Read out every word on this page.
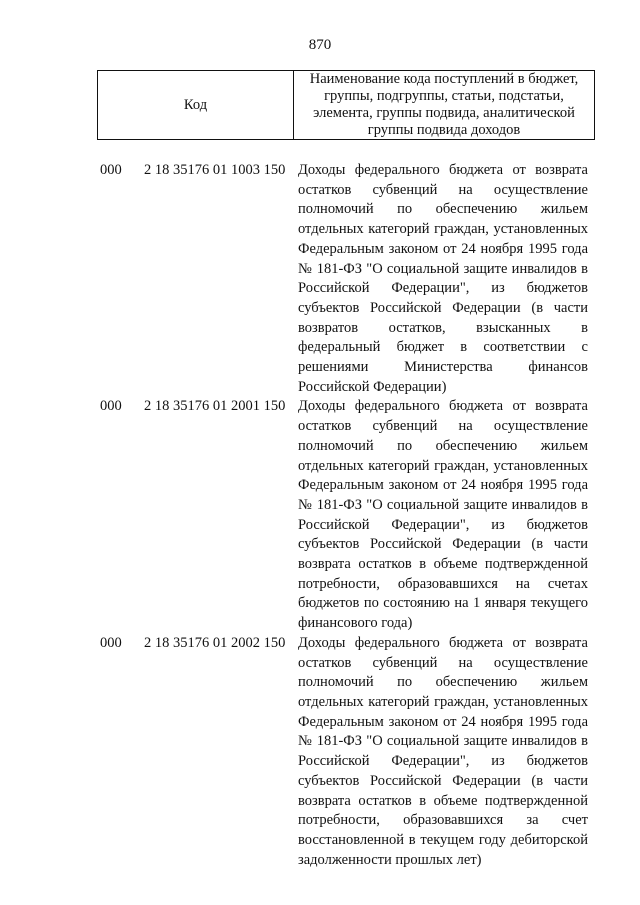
870
Код
Наименование кода поступлений в бюджет, группы, подгруппы, статьи, подстатьи, элемента, группы подвида, аналитической группы подвида доходов
000	2 18 35176 01 1003 150 Доходы федерального бюджета от возврата остатков субвенций на осуществление полномочий по обеспечению жильем отдельных категорий граждан, установленных Федеральным законом от 24 ноября 1995 года № 181-ФЗ "О социальной защите инвалидов в Российской Федерации", из бюджетов субъектов Российской Федерации (в части возвратов остатков, взысканных в федеральный бюджет в соответствии с решениями Министерства финансов Российской Федерации)
000	2 18 35176 01 2001 150 Доходы федерального бюджета от возврата остатков субвенций на осуществление полномочий по обеспечению жильем отдельных категорий граждан, установленных Федеральным законом от 24 ноября 1995 года № 181-ФЗ "О социальной защите инвалидов в Российской Федерации", из бюджетов субъектов Российской Федерации (в части возврата остатков в объеме подтвержденной потребности, образовавшихся на счетах бюджетов по состоянию на 1 января текущего финансового года)
000	2 18 35176 01 2002 150 Доходы федерального бюджета от возврата остатков субвенций на осуществление полномочий по обеспечению жильем отдельных категорий граждан, установленных Федеральным законом от 24 ноября 1995 года № 181-ФЗ "О социальной защите инвалидов в Российской Федерации", из бюджетов субъектов Российской Федерации (в части возврата остатков в объеме подтвержденной потребности, образовавшихся за счет восстановленной в текущем году дебиторской задолженности прошлых лет)
